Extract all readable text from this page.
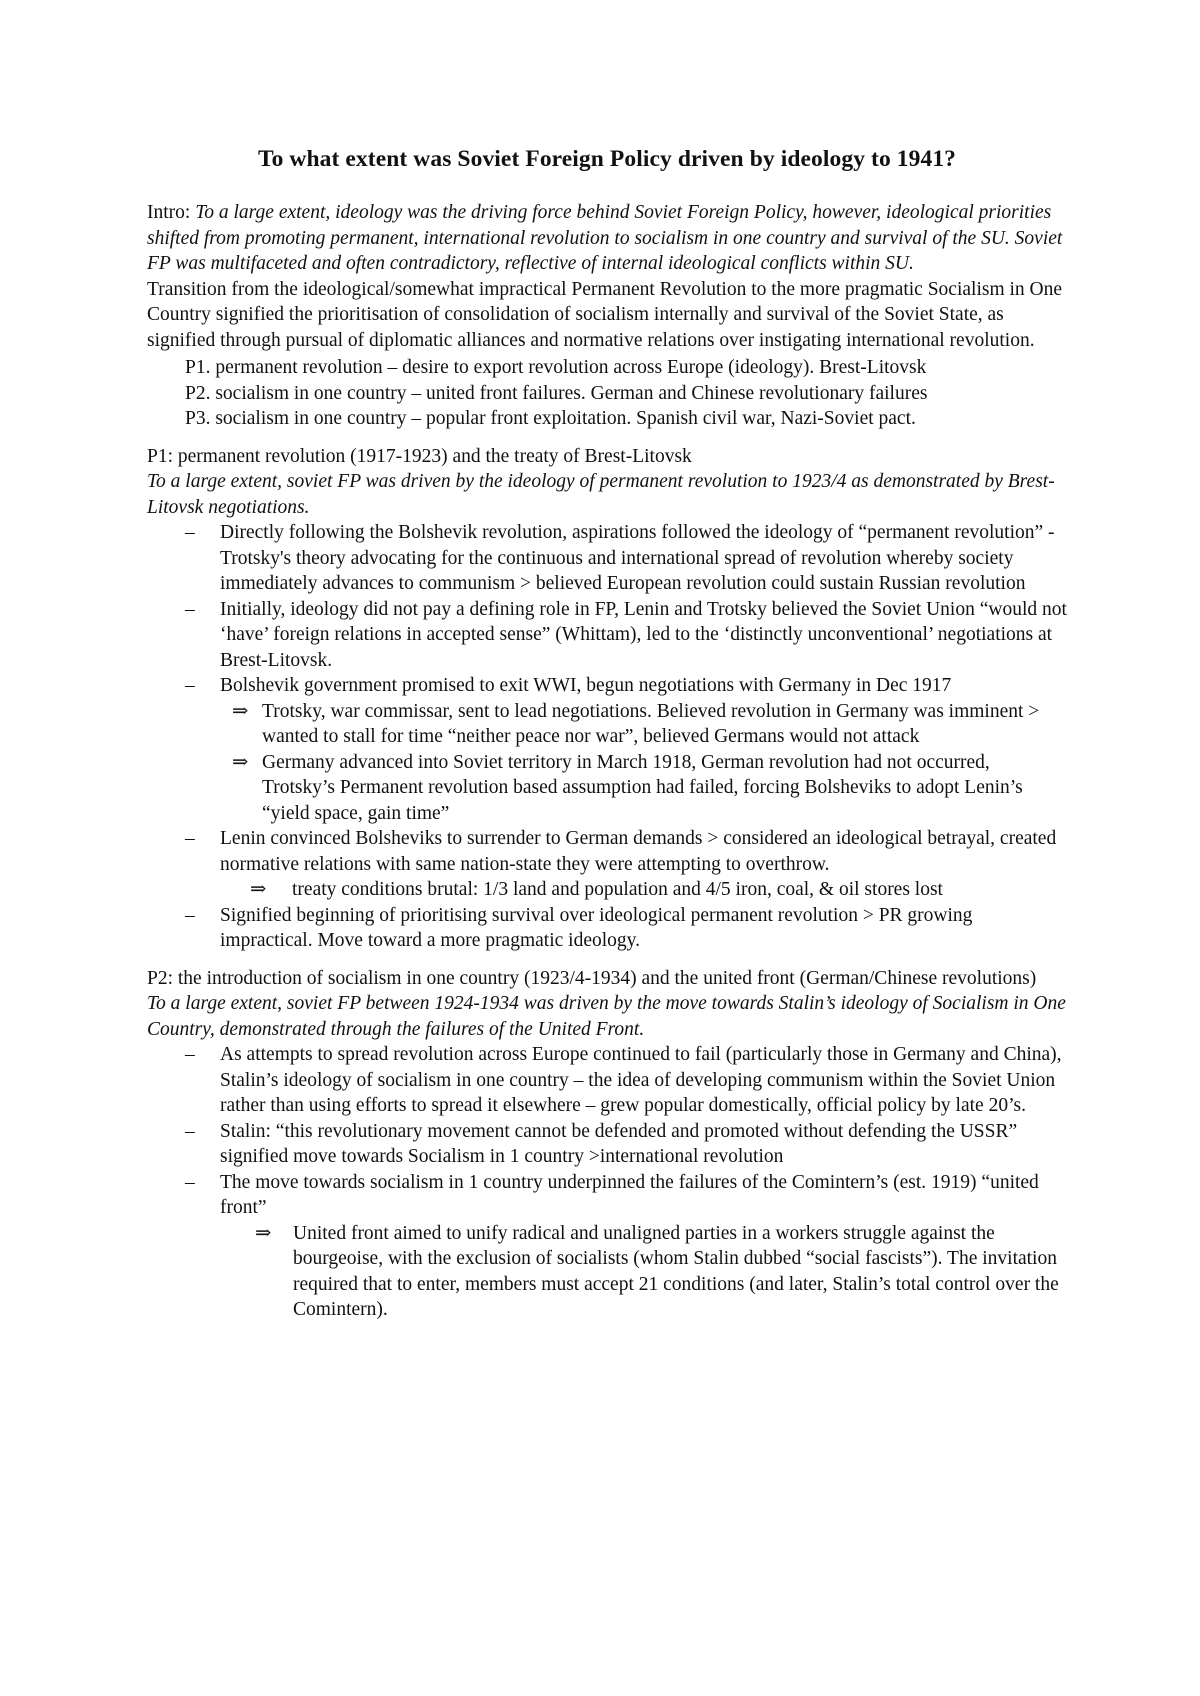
To what extent was Soviet Foreign Policy driven by ideology to 1941?

Intro: To a large extent, ideology was the driving force behind Soviet Foreign Policy, however, ideological priorities shifted from promoting permanent, international revolution to socialism in one country and survival of the SU. Soviet FP was multifaceted and often contradictory, reflective of internal ideological conflicts within SU.

Transition from the ideological/somewhat impractical Permanent Revolution to the more pragmatic Socialism in One Country signified the prioritisation of consolidation of socialism internally and survival of the Soviet State, as signified through pursual of diplomatic alliances and normative relations over instigating international revolution.

P1. permanent revolution – desire to export revolution across Europe (ideology). Brest-Litovsk
P2. socialism in one country – united front failures. German and Chinese revolutionary failures
P3. socialism in one country – popular front exploitation. Spanish civil war, Nazi-Soviet pact.

P1: permanent revolution (1917-1923) and the treaty of Brest-Litovsk

To a large extent, soviet FP was driven by the ideology of permanent revolution to 1923/4 as demonstrated by Brest-Litovsk negotiations.

– Directly following the Bolshevik revolution, aspirations followed the ideology of “permanent revolution” - Trotsky's theory advocating for the continuous and international spread of revolution whereby society immediately advances to communism > believed European revolution could sustain Russian revolution
– Initially, ideology did not pay a defining role in FP, Lenin and Trotsky believed the Soviet Union “would not ‘have’ foreign relations in accepted sense” (Whittam), led to the ‘distinctly unconventional’ negotiations at Brest-Litovsk.
– Bolshevik government promised to exit WWI, begun negotiations with Germany in Dec 1917
⇒ Trotsky, war commissar, sent to lead negotiations. Believed revolution in Germany was imminent > wanted to stall for time “neither peace nor war”, believed Germans would not attack
⇒ Germany advanced into Soviet territory in March 1918, German revolution had not occurred, Trotsky’s Permanent revolution based assumption had failed, forcing Bolsheviks to adopt Lenin’s “yield space, gain time”
– Lenin convinced Bolsheviks to surrender to German demands > considered an ideological betrayal, created normative relations with same nation-state they were attempting to overthrow.
⇒ treaty conditions brutal: 1/3 land and population and 4/5 iron, coal, & oil stores lost
– Signified beginning of prioritising survival over ideological permanent revolution > PR growing impractical. Move toward a more pragmatic ideology.

P2: the introduction of socialism in one country (1923/4-1934) and the united front (German/Chinese revolutions)

To a large extent, soviet FP between 1924-1934 was driven by the move towards Stalin’s ideology of Socialism in One Country, demonstrated through the failures of the United Front.

– As attempts to spread revolution across Europe continued to fail (particularly those in Germany and China), Stalin’s ideology of socialism in one country – the idea of developing communism within the Soviet Union rather than using efforts to spread it elsewhere – grew popular domestically, official policy by late 20’s.
– Stalin: “this revolutionary movement cannot be defended and promoted without defending the USSR” signified move towards Socialism in 1 country >international revolution
– The move towards socialism in 1 country underpinned the failures of the Comintern’s (est. 1919) “united front”
⇒ United front aimed to unify radical and unaligned parties in a workers struggle against the bourgeoise, with the exclusion of socialists (whom Stalin dubbed “social fascists”). The invitation required that to enter, members must accept 21 conditions (and later, Stalin’s total control over the Comintern).
